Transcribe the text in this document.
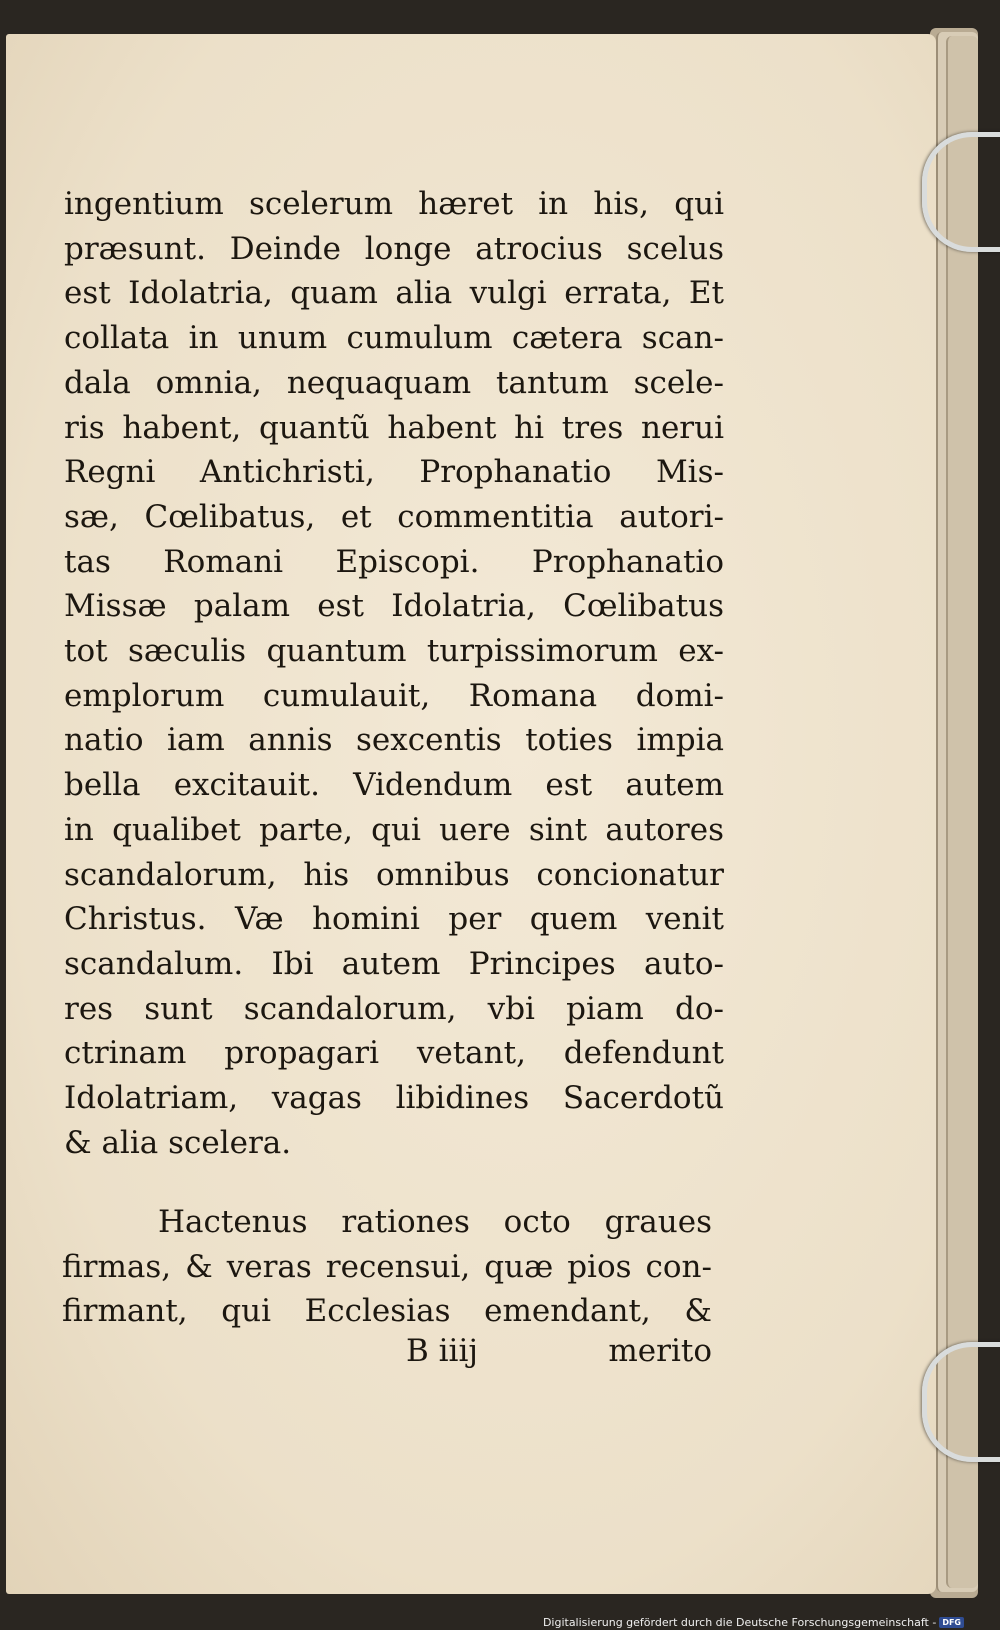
ingentium scelerum hæret in his, qui
præsunt. Deinde longe atrocius scelus
est Idolatria, quam alia vulgi errata, Et
collata in unum cumulum cætera scan-
dala omnia, nequaquam tantum scele-
ris habent, quantũ habent hi tres nerui
Regni Antichristi, Prophanatio Mis-
sæ, Cœlibatus, et commentitia autori-
tas Romani Episcopi. Prophanatio
Missæ palam est Idolatria, Cœlibatus
tot sæculis quantum turpissimorum ex-
emplorum cumulauit, Romana domi-
natio iam annis sexcentis toties impia
bella excitauit. Videndum est autem
in qualibet parte, qui uere sint autores
scandalorum, his omnibus concionatur
Christus. Væ homini per quem venit
scandalum. Ibi autem Principes auto-
res sunt scandalorum, vbi piam do-
ctrinam propagari vetant, defendunt
Idolatriam, vagas libidines Sacerdotũ
& alia scelera.
Hactenus rationes octo graues
firmas, & veras recensui, quæ pios con-
firmant, qui Ecclesias emendant, &
B iiij	merito
Digitalisierung gefördert durch die Deutsche Forschungsgemeinschaft - DFG
